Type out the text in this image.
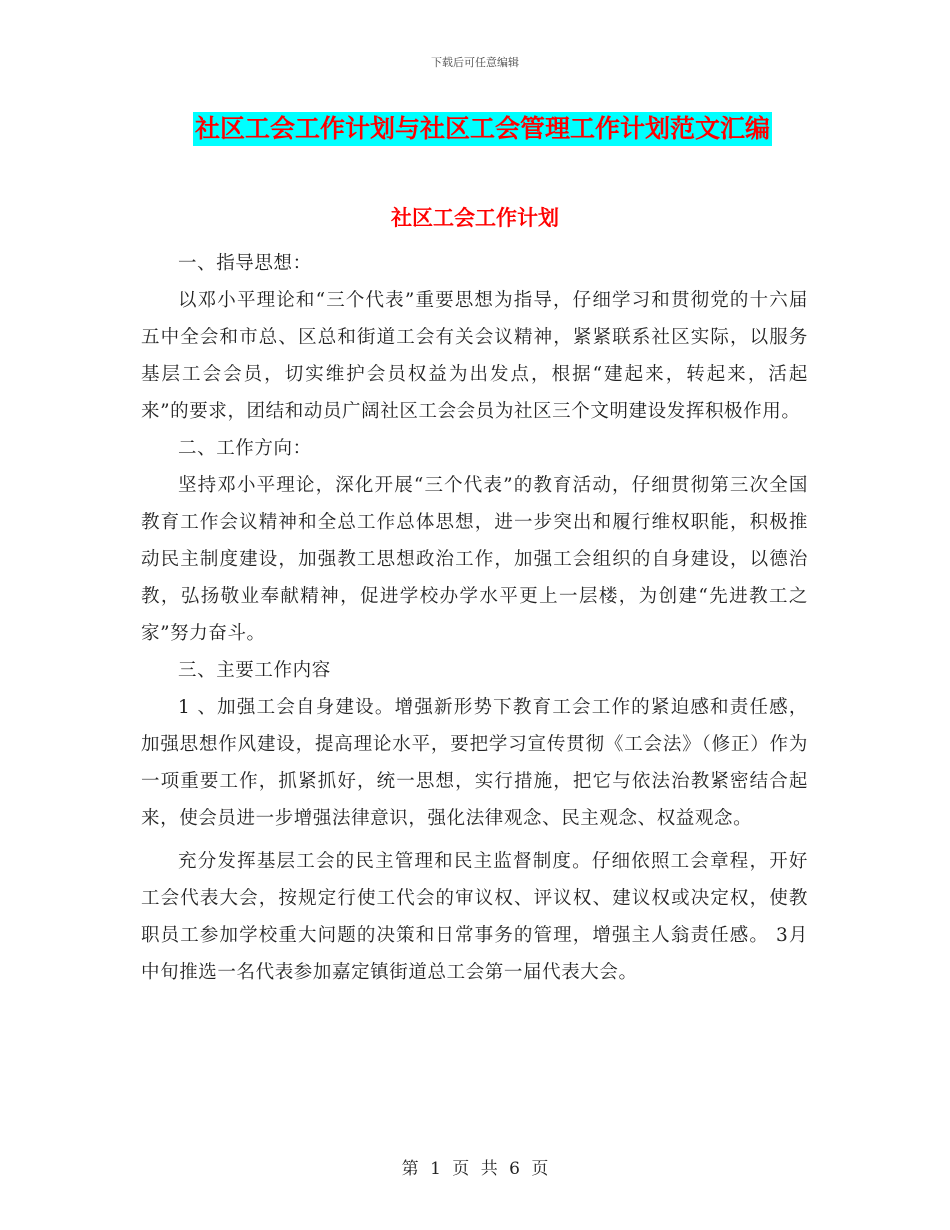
下载后可任意编辑
社区工会工作计划与社区工会管理工作计划范文汇编
社区工会工作计划

一、指导思想：

以邓小平理论和“三个代表”重要思想为指导，仔细学习和贯彻党的十六届五中全会和市总、区总和街道工会有关会议精神，紧紧联系社区实际，以服务基层工会会员，切实维护会员权益为出发点，根据“建起来，转起来，活起来”的要求，团结和动员广阔社区工会会员为社区三个文明建设发挥积极作用。

二、工作方向：

坚持邓小平理论，深化开展“三个代表”的教育活动，仔细贯彻第三次全国教育工作会议精神和全总工作总体思想，进一步突出和履行维权职能，积极推动民主制度建设，加强教工思想政治工作，加强工会组织的自身建设，以德治教，弘扬敬业奉献精神，促进学校办学水平更上一层楼，为创建“先进教工之家”努力奋斗。

三、主要工作内容

1 、加强工会自身建设。增强新形势下教育工会工作的紧迫感和责任感，加强思想作风建设，提高理论水平，要把学习宣传贯彻《工会法》（修正）作为一项重要工作，抓紧抓好，统一思想，实行措施，把它与依法治教紧密结合起来，使会员进一步增强法律意识，强化法律观念、民主观念、权益观念。

充分发挥基层工会的民主管理和民主监督制度。仔细依照工会章程，开好工会代表大会，按规定行使工代会的审议权、评议权、建议权或决定权，使教职员工参加学校重大问题的决策和日常事务的管理，增强主人翁责任感。 3月中旬推选一名代表参加嘉定镇街道总工会第一届代表大会。

第 1 页 共 6 页
